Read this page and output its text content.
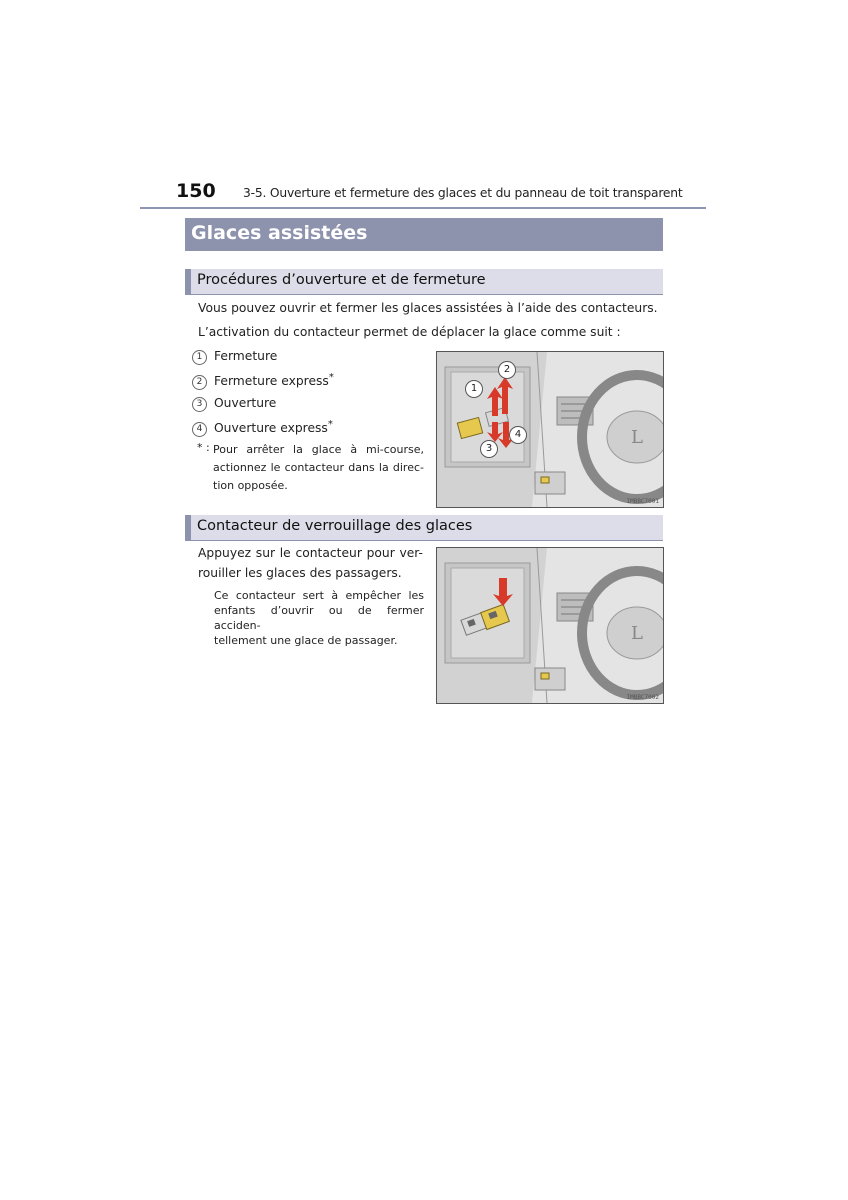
150 3-5. Ouverture et fermeture des glaces et du panneau de toit transparent
Glaces assistées
Procédures d’ouverture et de fermeture
Vous pouvez ouvrir et fermer les glaces assistées à l’aide des contacteurs.
L’activation du contacteur permet de déplacer la glace comme suit :
1 Fermeture
2 Fermeture express*
3 Ouverture
4 Ouverture express*
* : Pour arrêter la glace à mi-course,
actionnez le contacteur dans la direc-
tion opposée.
L
1
2
3
4
IMBBC7001
Contacteur de verrouillage des glaces
Appuyez sur le contacteur pour ver-
rouiller les glaces des passagers.
Ce contacteur sert à empêcher les
enfants d’ouvrir ou de fermer acciden-
tellement une glace de passager.	L
IMBBC7002
